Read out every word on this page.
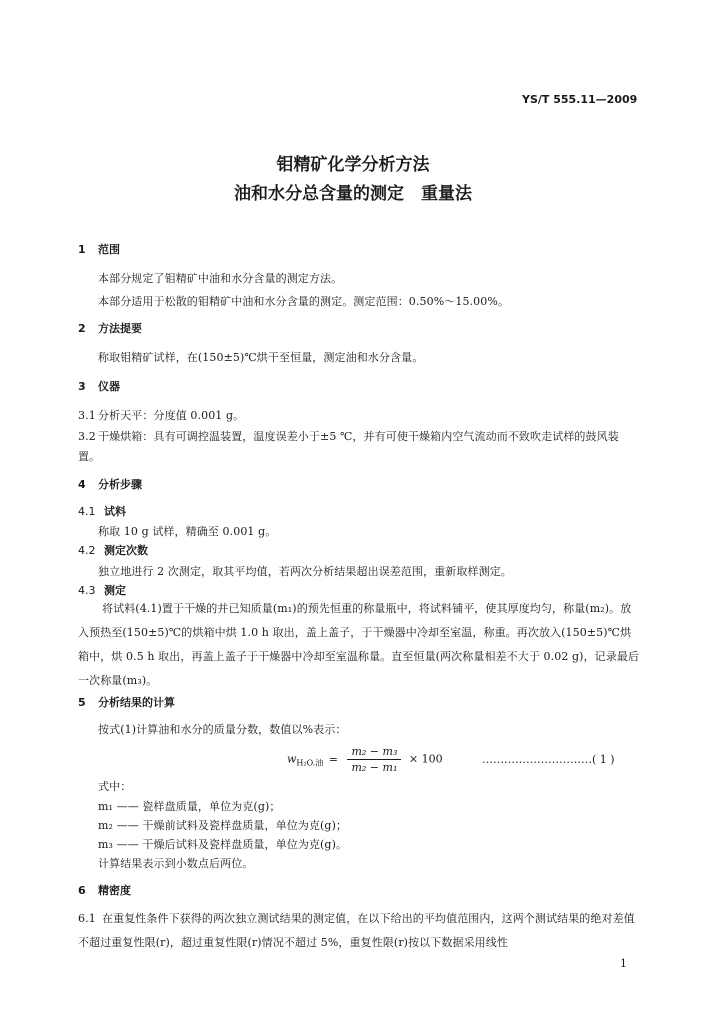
YS/T 555.11—2009
钼精矿化学分析方法
油和水分总含量的测定　重量法
1 范围
本部分规定了钼精矿中油和水分含量的测定方法。
本部分适用于松散的钼精矿中油和水分含量的测定。测定范围：0.50%～15.00%。
2 方法提要
称取钼精矿试样，在(150±5)℃烘干至恒量，测定油和水分含量。
3 仪器
3.1 分析天平：分度值 0.001 g。
3.2 干燥烘箱：具有可调控温装置，温度误差小于±5 ℃，并有可使干燥箱内空气流动而不致吹走试样的鼓风装置。
4 分析步骤
4.1 试料
称取 10 g 试样，精确至 0.001 g。
4.2 测定次数
独立地进行 2 次测定，取其平均值，若两次分析结果超出误差范围，重新取样测定。
4.3 测定
将试料(4.1)置于干燥的并已知质量(m₁)的预先恒重的称量瓶中，将试料铺平，使其厚度均匀，称量(m₂)。放入预热至(150±5)℃的烘箱中烘 1.0 h 取出，盖上盖子，于干燥器中冷却至室温，称重。再次放入(150±5)℃烘箱中，烘 0.5 h 取出，再盖上盖子于干燥器中冷却至室温称量。直至恒量(两次称量相差不大于 0.02 g)，记录最后一次称量(m₃)。
5 分析结果的计算
按式(1)计算油和水分的质量分数，数值以%表示：
$w_{H_2O.油} = \frac{\text{m₂ − m₃}}{\text{m₂ − m₁}} \times 100$	…………………………( 1 )
式中：
m₁ —— 瓷样盘质量，单位为克(g)；
m₂ —— 干燥前试料及瓷样盘质量，单位为克(g)；
m₃ —— 干燥后试料及瓷样盘质量，单位为克(g)。
计算结果表示到小数点后两位。
6 精密度
6.1 在重复性条件下获得的两次独立测试结果的测定值，在以下给出的平均值范围内，这两个测试结果的绝对差值不超过重复性限(r)，超过重复性限(r)情况不超过 5%，重复性限(r)按以下数据采用线性
1
